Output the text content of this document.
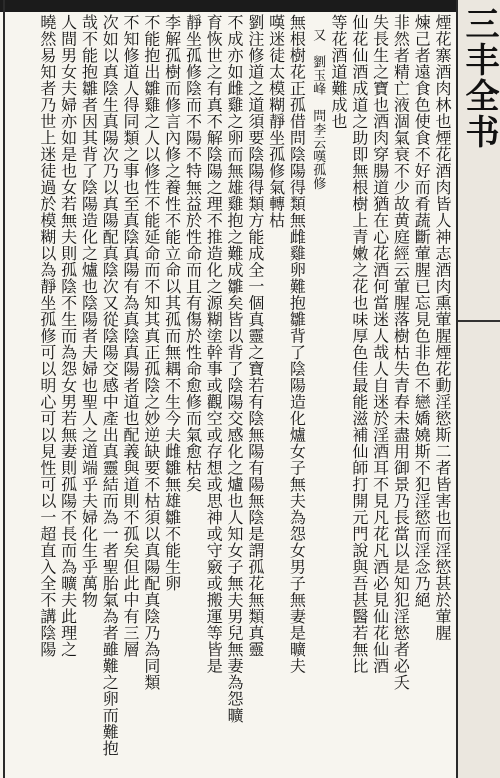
三丰全书

煙花寨酒肉林也煙花酒肉皆人神志酒肉熏葷腥煙花動淫慾斯二者皆害也而淫慾甚於葷腥

煉己者遠食色使食不好而肴蔬斷葷腥已忘見色非色不戀嬌嬈斯不犯淫慾而淫念乃絕

非然者精亡液涸氣衰不少故黄庭經云葷腥落樹枯失青春未盡用御景乃長當以是知犯淫慾者必夭

失長生之寶也酒肉穿腸道猶在心花酒何當迷人哉人自迷於淫酒耳不見凡花凡酒必見仙花仙酒

仙花仙酒成道之助即無根樹上青嫩之花也味厚色佳最能滋補仙師打開元門說與吾甚醫若無比

等花酒道難成也

又　劉玉峰　問李云嘆孤修

無根樹花正孤借問陰陽得類無雌雞卵難抱雛背了陰陽造化爐女子無夫為怨女男子無妻是曠夫

嘆迷徒太模糊靜坐孤修氣轉枯

劉注修道之道須要陰陽得類方能成全一個真靈之寶若有陰無陽有陽無陰是謂孤花無類真靈

不成亦如雌雞之卵而無雄雞抱之難成雛矣皆以背了陰陽交感化之爐也人知女子無夫男兒無妻為怨曠

育恢世之有真不解陰陽之理不推造化之源糊塗幹事或觀空或存想或思神或守竅或搬運等皆是

靜坐孤修陰而不陽不特無益於性命而且有傷於性命愈修而氣愈枯矣

李解孤樹而修言內修之養性不能立命以其孤而無耦不生今夫雌雛無雄雛不能生卵

不能抱出雛雞之人以修性不能延命而不知其真正孤陰之妙逆缺要不枯須以真陽配真陰乃為同類

不知修道人得同類之事也至真陰真陽有為真陰真陽者道也配義與道則不孤矣但此中有三層

次如以真陰生真陽次乃以真陽配真陰次又從陰陽交感中產出真靈結而為一者聖胎氣為者雖難之卵而難抱

哉不能抱雛者因其背了陰陽造化之爐也陰陽者夫婦也聖人之道端乎夫婦化生乎萬物

人間男女夫婦亦如是也女若無夫則孤陰不生而為怨女男若無妻則孤陽不長而為曠夫此理之

曉然易知者乃世上迷徒過於模糊以為靜坐孤修可以明心可以見性可以一超直入全不講陰陽
